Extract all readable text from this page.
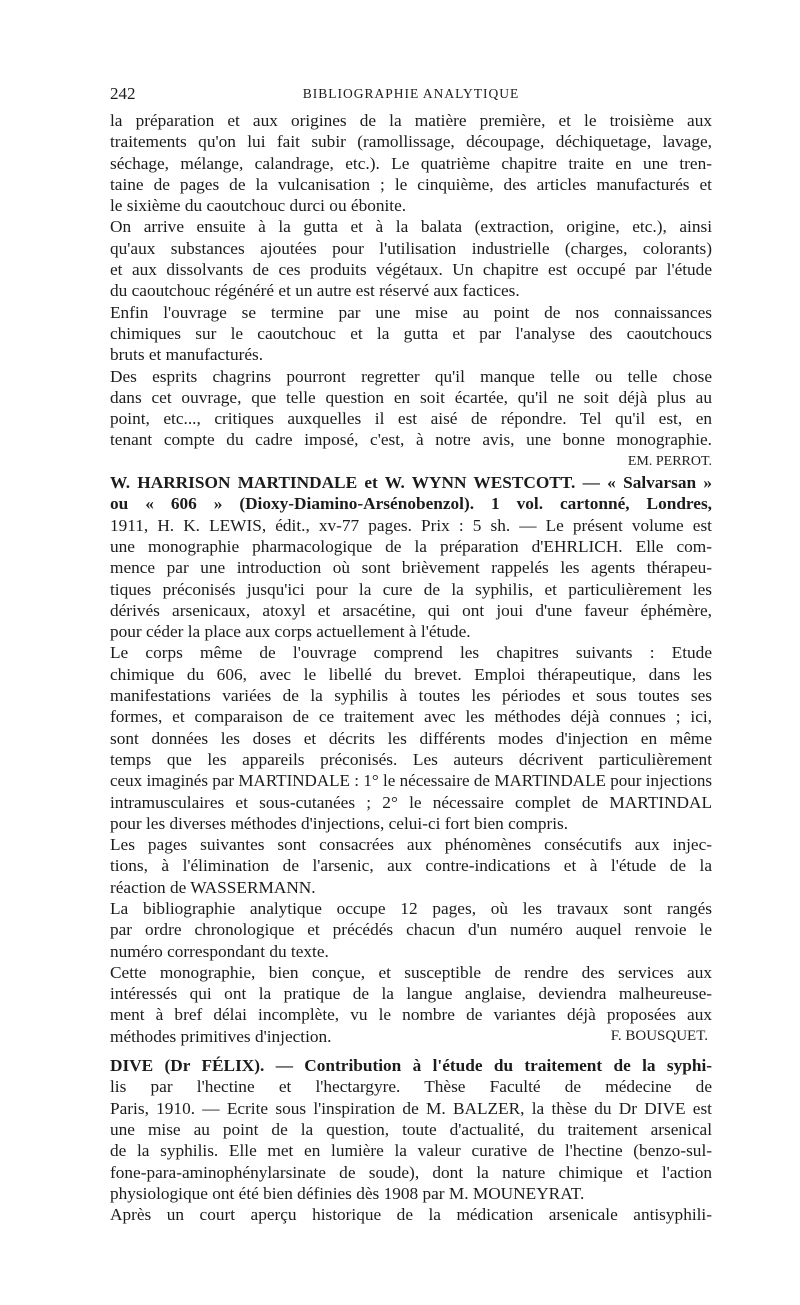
242	BIBLIOGRAPHIE ANALYTIQUE
la préparation et aux origines de la matière première, et le troisième aux
traitements qu'on lui fait subir (ramollissage, découpage, déchiquetage, lavage,
séchage, mélange, calandrage, etc.). Le quatrième chapitre traite en une tren-
taine de pages de la vulcanisation ; le cinquième, des articles manufacturés et
le sixième du caoutchouc durci ou ébonite.
On arrive ensuite à la gutta et à la balata (extraction, origine, etc.), ainsi
qu'aux substances ajoutées pour l'utilisation industrielle (charges, colorants)
et aux dissolvants de ces produits végétaux. Un chapitre est occupé par l'étude
du caoutchouc régénéré et un autre est réservé aux factices.
Enfin l'ouvrage se termine par une mise au point de nos connaissances
chimiques sur le caoutchouc et la gutta et par l'analyse des caoutchoucs
bruts et manufacturés.
Des esprits chagrins pourront regretter qu'il manque telle ou telle chose
dans cet ouvrage, que telle question en soit écartée, qu'il ne soit déjà plus au
point, etc..., critiques auxquelles il est aisé de répondre. Tel qu'il est, en
tenant compte du cadre imposé, c'est, à notre avis, une bonne monographie.
EM. PERROT.
W. HARRISON MARTINDALE et W. WYNN WESTCOTT. — « Salvarsan »
ou « 606 » (Dioxy-Diamino-Arsénobenzol). 1 vol. cartonné, Londres,
1911, H. K. LEWIS, édit., xv-77 pages. Prix : 5 sh. — Le présent volume est
une monographie pharmacologique de la préparation d'EHRLICH. Elle com-
mence par une introduction où sont brièvement rappelés les agents thérapeu-
tiques préconisés jusqu'ici pour la cure de la syphilis, et particulièrement les
dérivés arsenicaux, atoxyl et arsacétine, qui ont joui d'une faveur éphémère,
pour céder la place aux corps actuellement à l'étude.
Le corps même de l'ouvrage comprend les chapitres suivants : Etude
chimique du 606, avec le libellé du brevet. Emploi thérapeutique, dans les
manifestations variées de la syphilis à toutes les périodes et sous toutes ses
formes, et comparaison de ce traitement avec les méthodes déjà connues ; ici,
sont données les doses et décrits les différents modes d'injection en même
temps que les appareils préconisés. Les auteurs décrivent particulièrement
ceux imaginés par MARTINDALE : 1° le nécessaire de MARTINDALE pour injections
intramusculaires et sous-cutanées ; 2° le nécessaire complet de MARTINDAL
pour les diverses méthodes d'injections, celui-ci fort bien compris.
Les pages suivantes sont consacrées aux phénomènes consécutifs aux injec-
tions, à l'élimination de l'arsenic, aux contre-indications et à l'étude de la
réaction de WASSERMANN.
La bibliographie analytique occupe 12 pages, où les travaux sont rangés
par ordre chronologique et précédés chacun d'un numéro auquel renvoie le
numéro correspondant du texte.
Cette monographie, bien conçue, et susceptible de rendre des services aux
intéressés qui ont la pratique de la langue anglaise, deviendra malheureuse-
ment à bref délai incomplète, vu le nombre de variantes déjà proposées aux
méthodes primitives d'injection.	F. BOUSQUET.
DIVE (Dr FÉLIX). — Contribution à l'étude du traitement de la syphi-
lis par l'hectine et l'hectargyre. Thèse Faculté de médecine de
Paris, 1910. — Ecrite sous l'inspiration de M. BALZER, la thèse du Dr DIVE est
une mise au point de la question, toute d'actualité, du traitement arsenical
de la syphilis. Elle met en lumière la valeur curative de l'hectine (benzo-sul-
fone-para-aminophénylarsinate de soude), dont la nature chimique et l'action
physiologique ont été bien définies dès 1908 par M. MOUNEYRAT.
Après un court aperçu historique de la médication arsenicale antisyphili-
